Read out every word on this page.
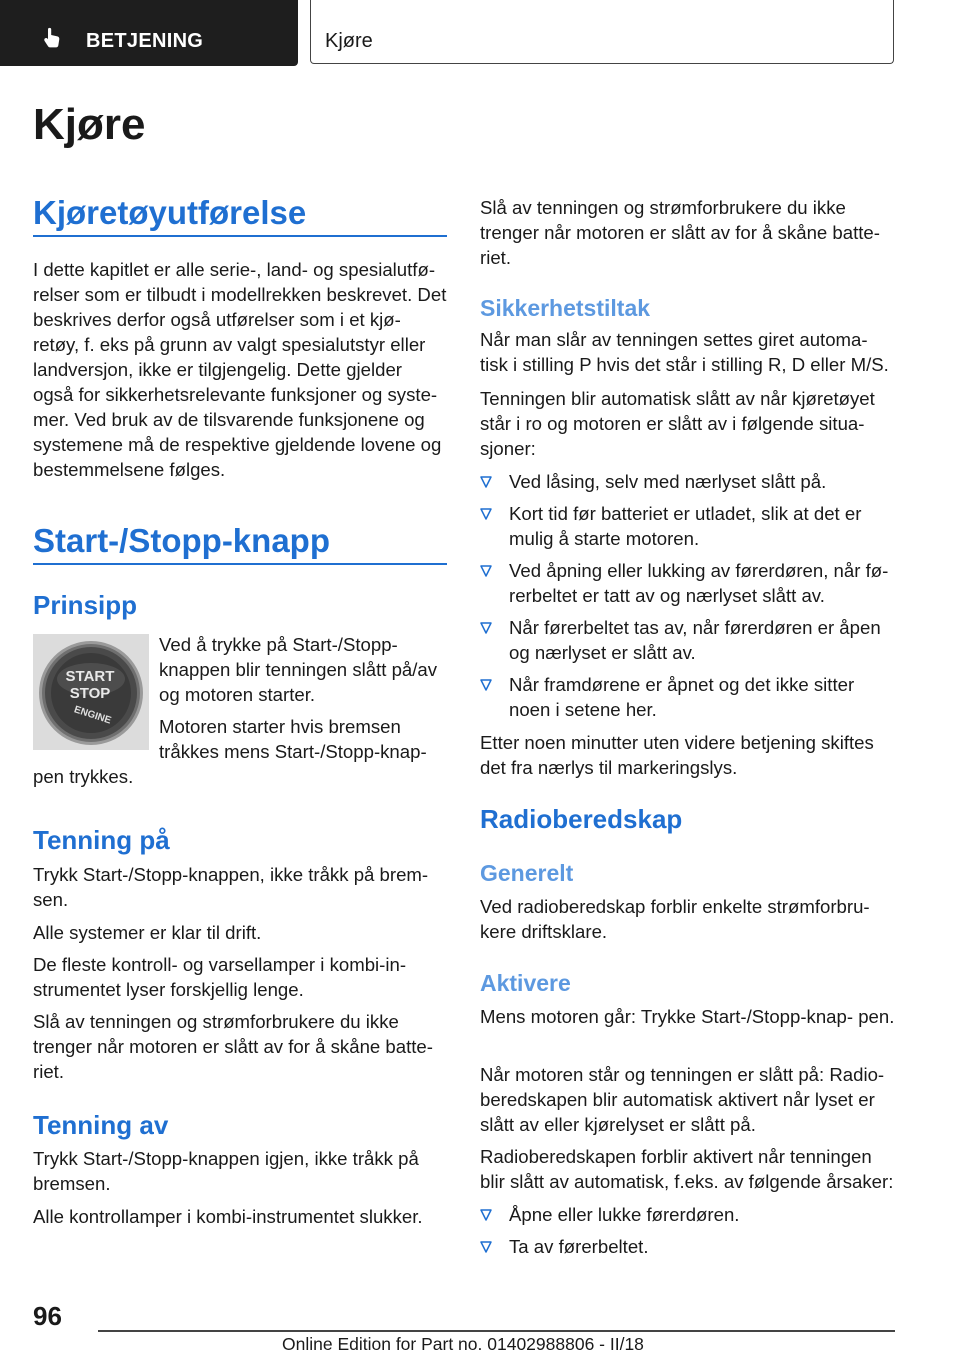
BETJENING	Kjøre
Kjøre
Kjøretøyutførelse

I dette kapitlet er alle serie-, land- og spesialutfø‑ relser som er tilbudt i modellrekken beskrevet. Det beskrives derfor også utførelser som i et kjø‑ retøy, f. eks på grunn av valgt spesialutstyr eller landversjon, ikke er tilgjengelig. Dette gjelder også for sikkerhetsrelevante funksjoner og syste‑ mer. Ved bruk av de tilsvarende funksjonene og systemene må de respektive gjeldende lovene og bestemmelsene følges.

Start-/Stopp-knapp
Prinsipp
START
STOP
ENGINE

Ved å trykke på Start-/Stopp-knappen blir tenningen slått på/av og motoren starter.

Motoren starter hvis bremsen tråkkes mens Start-/Stopp-knap‑

pen trykkes.

Tenning på

Trykk Start-/Stopp-knappen, ikke tråkk på brem‑ sen.

Alle systemer er klar til drift.

De fleste kontroll- og varsellamper i kombi-in‑ strumentet lyser forskjellig lenge.

Slå av tenningen og strømforbrukere du ikke trenger når motoren er slått av for å skåne batte‑ riet.

Tenning av

Trykk Start-/Stopp-knappen igjen, ikke tråkk på bremsen.

Alle kontrollamper i kombi-instrumentet slukker.

Slå av tenningen og strømforbrukere du ikke trenger når motoren er slått av for å skåne batte‑ riet.

Sikkerhetstiltak

Når man slår av tenningen settes giret automa‑ tisk i stilling P hvis det står i stilling R, D eller M/S.

Tenningen blir automatisk slått av når kjøretøyet står i ro og motoren er slått av i følgende situa‑ sjoner:

Ved låsing, selv med nærlyset slått på.
Kort tid før batteriet er utladet, slik at det er mulig å starte motoren.
Ved åpning eller lukking av førerdøren, når fø‑ rerbeltet er tatt av og nærlyset slått av.
Når førerbeltet tas av, når førerdøren er åpen og nærlyset er slått av.
Når framdørene er åpnet og det ikke sitter noen i setene her.

Etter noen minutter uten videre betjening skiftes det fra nærlys til markeringslys.

Radioberedskap
Generelt

Ved radioberedskap forblir enkelte strømforbru‑ kere driftsklare.

Aktivere

Mens motoren går: Trykke Start-/Stopp-knap‑ pen.

Når motoren står og tenningen er slått på: Radio‑ beredskapen blir automatisk aktivert når lyset er slått av eller kjørelyset er slått på.

Radioberedskapen forblir aktivert når tenningen blir slått av automatisk, f.eks. av følgende årsaker:

Åpne eller lukke førerdøren.
Ta av førerbeltet.

96

Online Edition for Part no. 01402988806 - II/18
